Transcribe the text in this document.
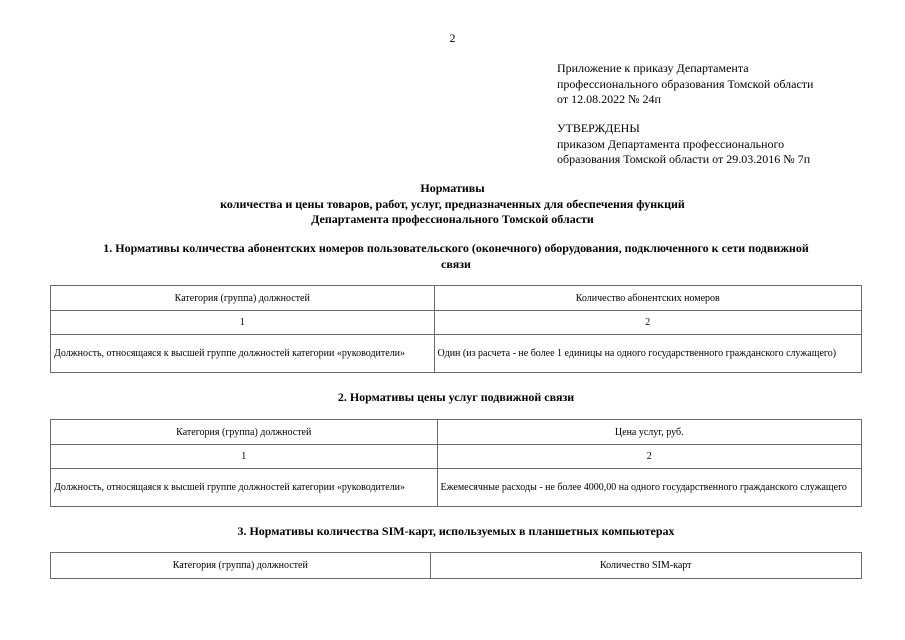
2
Приложение к приказу Департамента
профессионального образования Томской области
от 12.08.2022 № 24п
УТВЕРЖДЕНЫ
приказом Департамента профессионального
образования Томской области от 29.03.2016 № 7п
Нормативы
количества и цены товаров, работ, услуг, предназначенных для обеспечения функций
Департамента профессионального Томской области
1. Нормативы количества абонентских номеров пользовательского (оконечного) оборудования, подключенного к сети подвижной
связи
Категория (группа) должностей	Количество абонентских номеров
1	2
Должность, относящаяся к высшей группе должностей категории «руководители»	Один (из расчета - не более 1 единицы на одного государственного гражданского служащего)
2. Нормативы цены услуг подвижной связи
Категория (группа) должностей	Цена услуг, руб.
1	2
Должность, относящаяся к высшей группе должностей категории «руководители»	Ежемесячные расходы - не более 4000,00 на одного государственного гражданского служащего
3. Нормативы количества SIM-карт, используемых в планшетных компьютерах
Категория (группа) должностей	Количество SIM-карт
